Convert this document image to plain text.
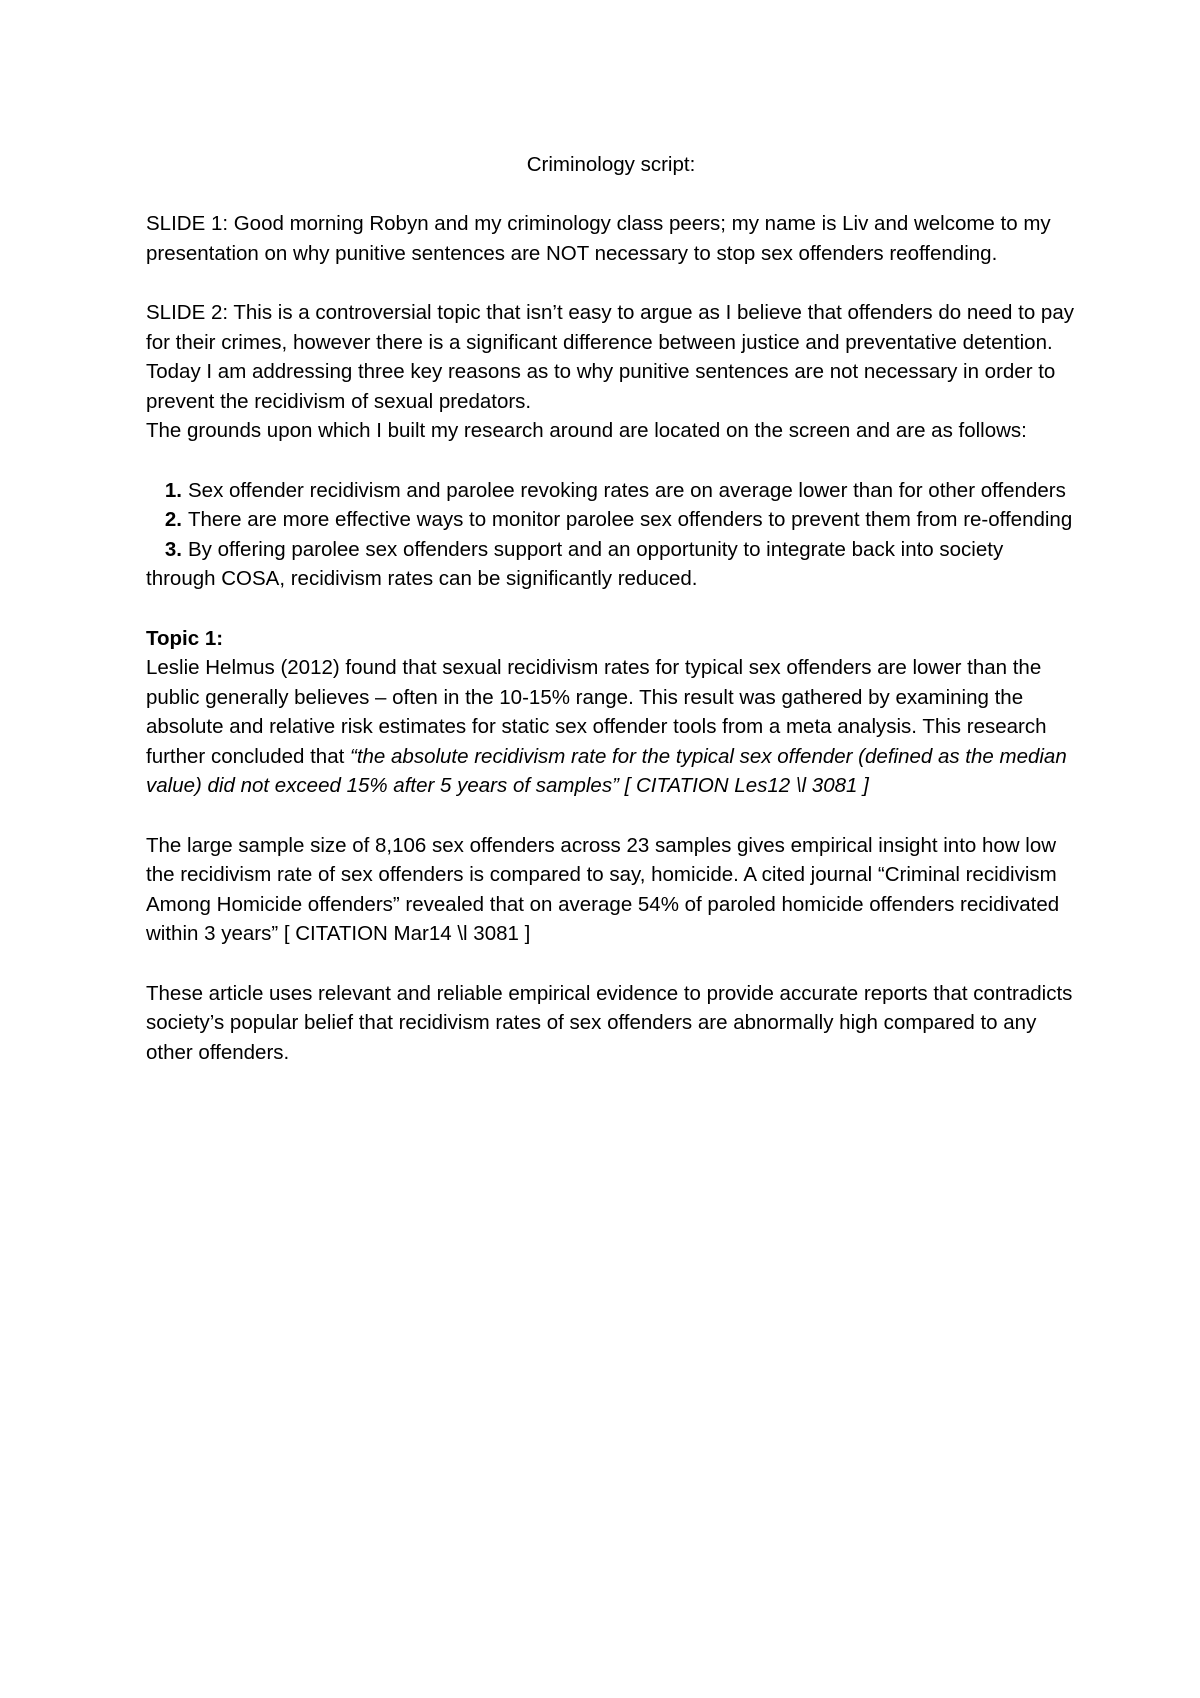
Criminology script:

SLIDE 1: Good morning Robyn and my criminology class peers; my name is Liv and welcome to my presentation on why punitive sentences are NOT necessary to stop sex offenders reoffending.

SLIDE 2: This is a controversial topic that isn’t easy to argue as I believe that offenders do need to pay for their crimes, however there is a significant difference between justice and preventative detention. Today I am addressing three key reasons as to why punitive sentences are not necessary in order to prevent the recidivism of sexual predators.

The grounds upon which I built my research around are located on the screen and are as follows:

1. Sex offender recidivism and parolee revoking rates are on average lower than for other offenders
2. There are more effective ways to monitor parolee sex offenders to prevent them from re-offending
3. By offering parolee sex offenders support and an opportunity to integrate back into society through COSA, recidivism rates can be significantly reduced.

Topic 1:

Leslie Helmus (2012) found that sexual recidivism rates for typical sex offenders are lower than the public generally believes – often in the 10-15% range. This result was gathered by examining the absolute and relative risk estimates for static sex offender tools from a meta analysis. This research further concluded that “the absolute recidivism rate for the typical sex offender (defined as the median value) did not exceed 15% after 5 years of samples” [ CITATION Les12 \l 3081 ]

The large sample size of 8,106 sex offenders across 23 samples gives empirical insight into how low the recidivism rate of sex offenders is compared to say, homicide. A cited journal “Criminal recidivism Among Homicide offenders” revealed that on average 54% of paroled homicide offenders recidivated within 3 years” [ CITATION Mar14 \l 3081 ]

These article uses relevant and reliable empirical evidence to provide accurate reports that contradicts society’s popular belief that recidivism rates of sex offenders are abnormally high compared to any other offenders.
